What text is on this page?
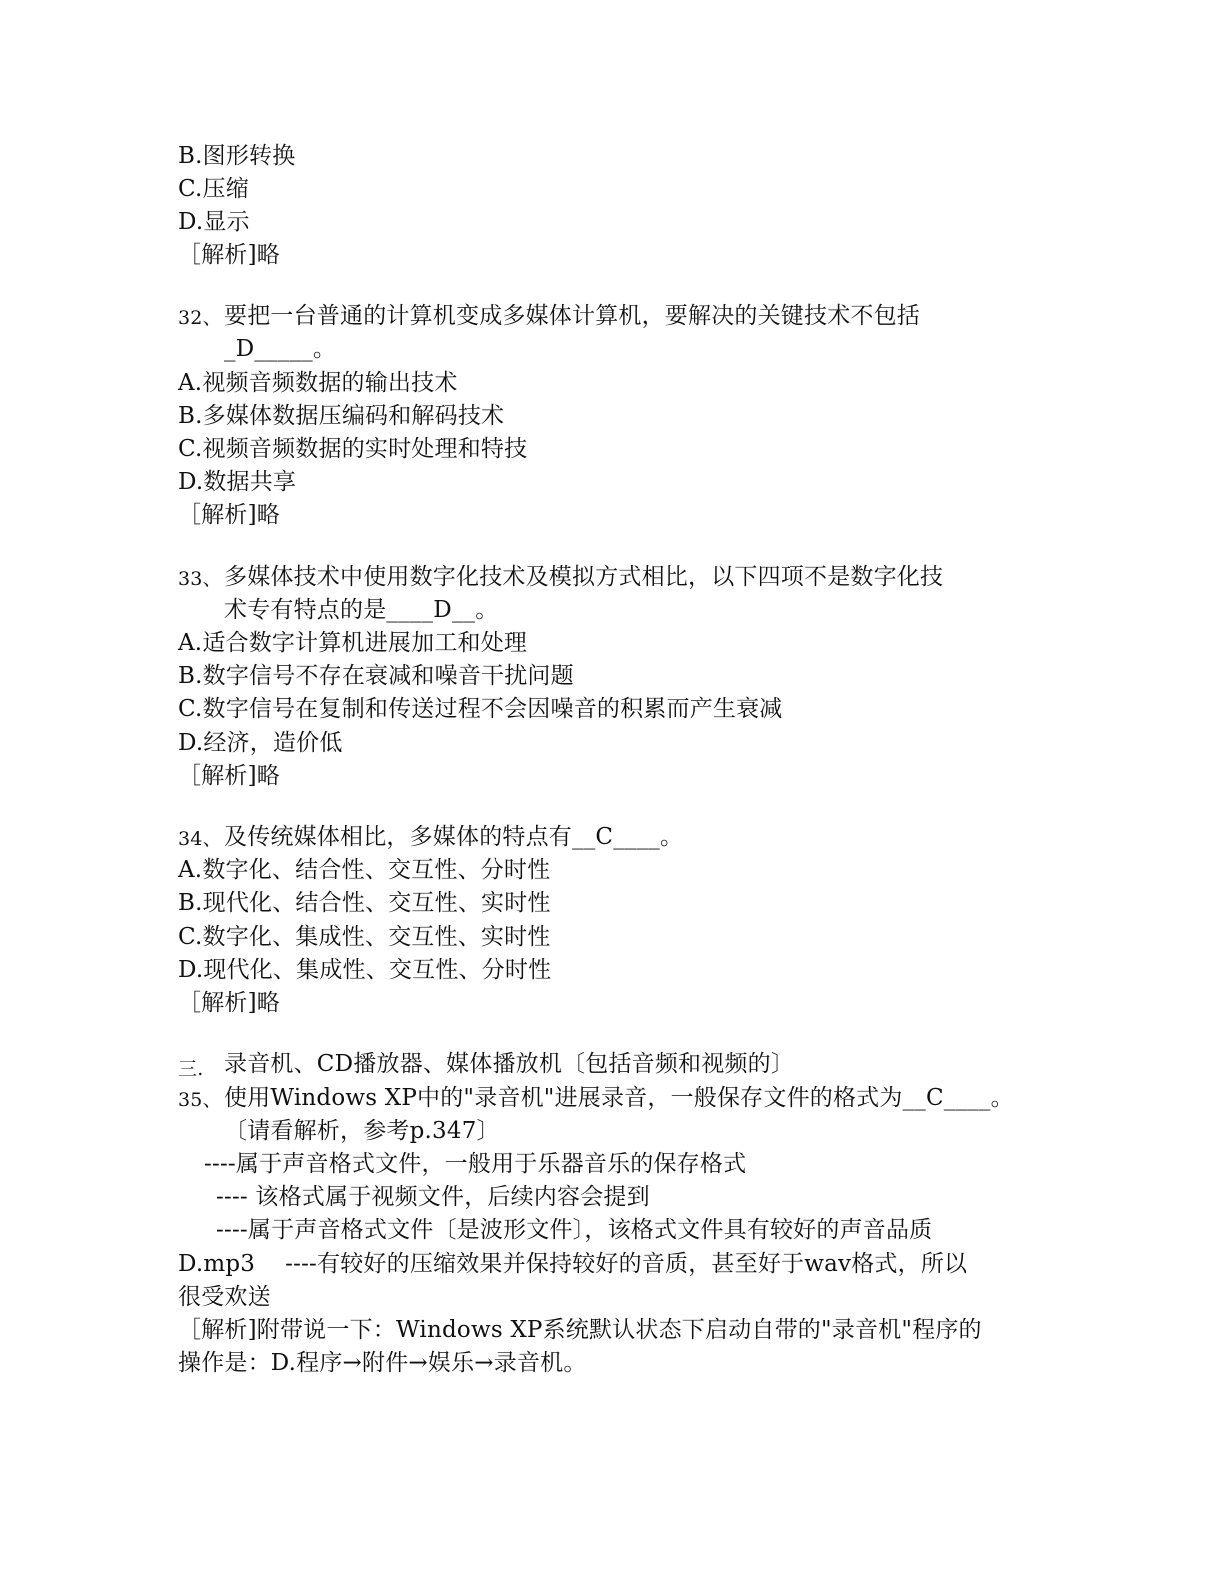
B.图形转换
C.压缩
D.显示
［解析]略
32、 要把一台普通的计算机变成多媒体计算机，要解决的关键技术不包括
_D_____。
A.视频音频数据的输出技术
B.多媒体数据压编码和解码技术
C.视频音频数据的实时处理和特技
D.数据共享
［解析]略
33、 多媒体技术中使用数字化技术及模拟方式相比，以下四项不是数字化技
术专有特点的是____D__。
A.适合数字计算机进展加工和处理
B.数字信号不存在衰减和噪音干扰问题
C.数字信号在复制和传送过程不会因噪音的积累而产生衰减
D.经济，造价低
［解析]略
34、 及传统媒体相比，多媒体的特点有__C____。
A.数字化、结合性、交互性、分时性
B.现代化、结合性、交互性、实时性
C.数字化、集成性、交互性、实时性
D.现代化、集成性、交互性、分时性
［解析]略
三. 录音机、CD播放器、媒体播放机〔包括音频和视频的〕
35、 使用Windows XP中的"录音机"进展录音，一般保存文件的格式为__C____。
〔请看解析，参考p.347〕
----属于声音格式文件，一般用于乐器音乐的保存格式
---- 该格式属于视频文件，后续内容会提到
----属于声音格式文件〔是波形文件〕，该格式文件具有较好的声音品质
D.mp3    ----有较好的压缩效果并保持较好的音质，甚至好于wav格式，所以
很受欢送
［解析]附带说一下：Windows XP系统默认状态下启动自带的"录音机"程序的
操作是：D.程序→附件→娱乐→录音机。
